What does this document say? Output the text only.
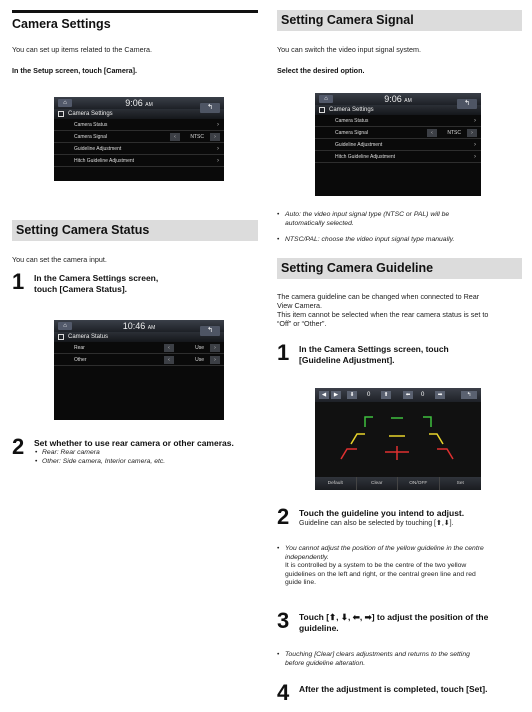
Camera Settings
You can set up items related to the Camera.
In the Setup screen, touch [Camera].
⌂	9:06 AM
Camera Settings
↰
Camera Status	›
Camera Signal	‹	NTSC	›
Guideline Adjustment	›
Hitch Guideline Adjustment	›
Setting Camera Status
You can set the camera input.
1 In the Camera Settings screen,
touch [Camera Status].
⌂	10:46 AM
Camera Status
↰
Rear	‹	Use	›
Other	‹	Use	›
2 Set whether to use rear camera or other cameras.
• Rear: Rear camera
• Other: Side camera, Interior camera, etc.
Setting Camera Signal
You can switch the video input signal system.
Select the desired option.
⌂	9:06 AM
Camera Settings
↰
Camera Status	›
Camera Signal	‹	NTSC	›
Guideline Adjustment	›
Hitch Guideline Adjustment	›
• Auto: the video input signal type (NTSC or PAL) will be
automatically selected.
• NTSC/PAL: choose the video input signal type manually.
Setting Camera Guideline
The camera guideline can be changed when connected to Rear
View Camera.
This item cannot be selected when the rear camera status is set to
“Off” or “Other”.
1 In the Camera Settings screen, touch
[Guideline Adjustment].
◀	▶	⬇	0	⬆	⬅	0	➡	↰
Default	Clear	ON/OFF	Set
2 Touch the guideline you intend to adjust.
Guideline can also be selected by touching [⬆,⬇].
• You cannot adjust the position of the yellow guideline in the centre
independently.
It is controlled by a system to be the centre of the two yellow
guidelines on the left and right, or the central green line and red
guide line.
3 Touch [⬆, ⬇, ⬅, ➡] to adjust the position of the
guideline.
• Touching [Clear] clears adjustments and returns to the setting
before guideline alteration.
4 After the adjustment is completed, touch [Set].
